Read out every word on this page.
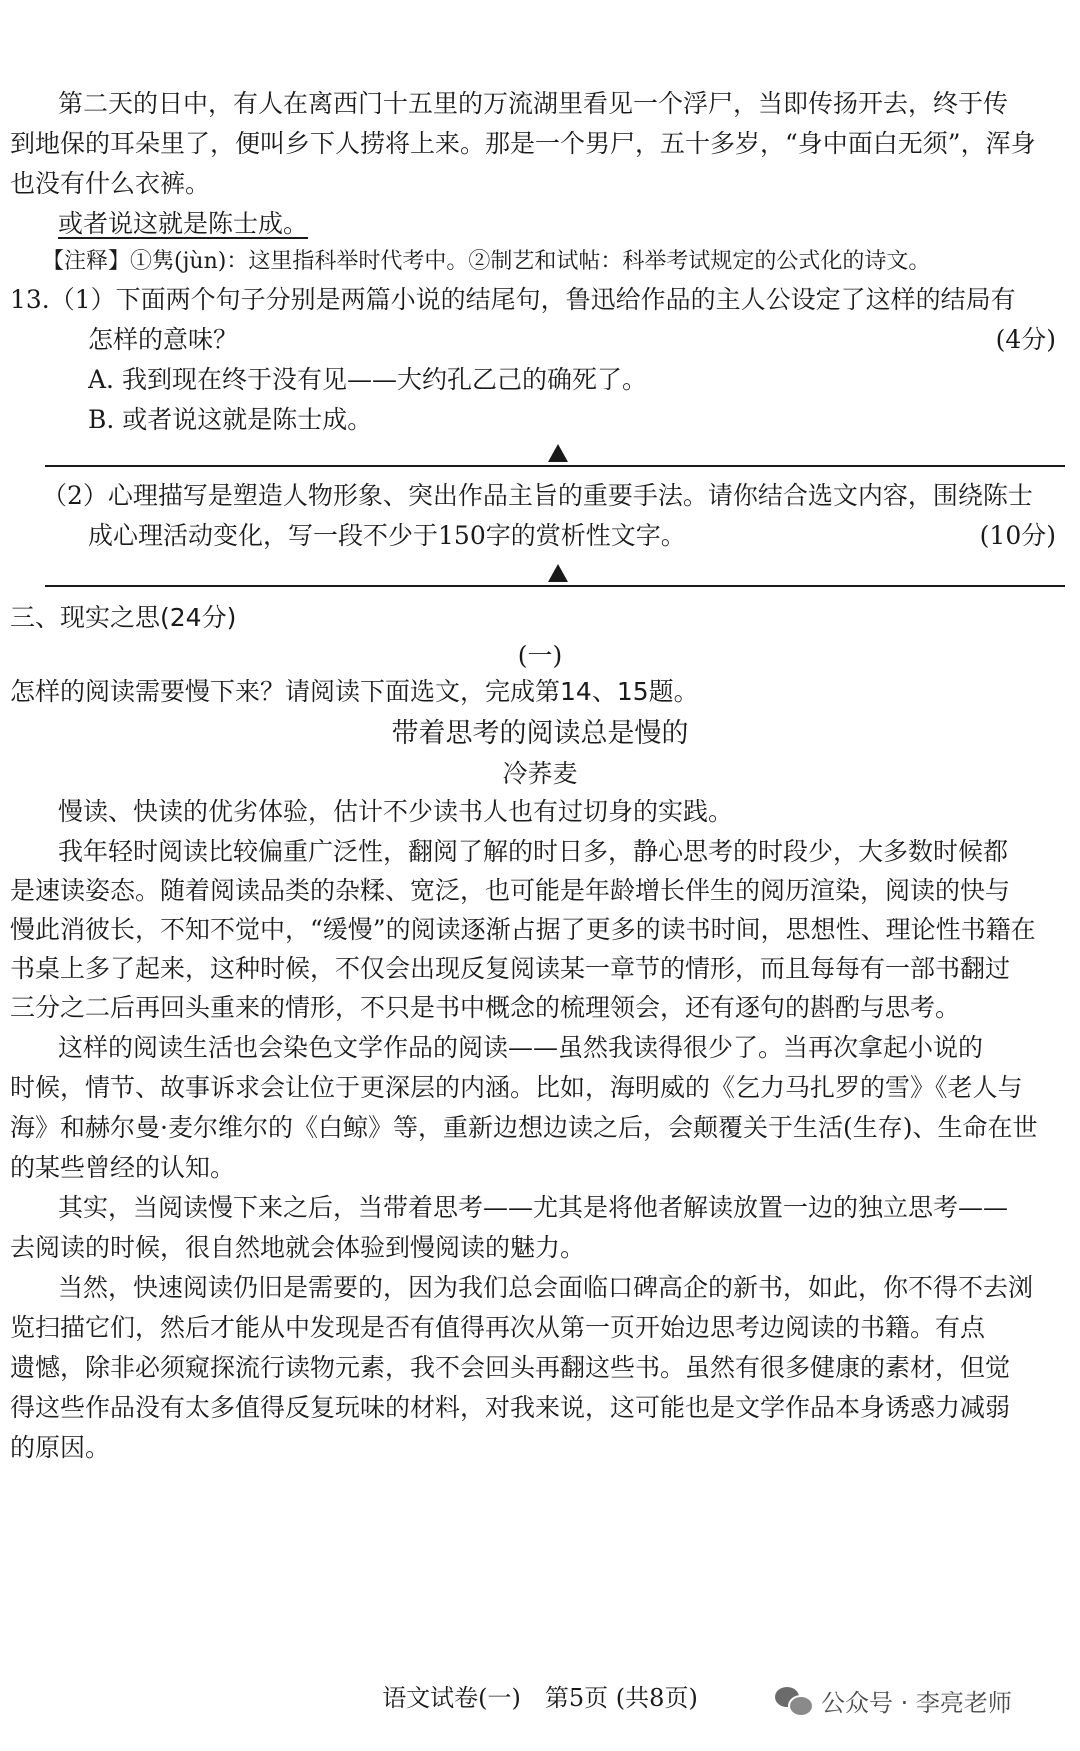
第二天的日中，有人在离西门十五里的万流湖里看见一个浮尸，当即传扬开去，终于传
到地保的耳朵里了，便叫乡下人捞将上来。那是一个男尸，五十多岁，“身中面白无须”，浑身
也没有什么衣裤。
或者说这就是陈士成。
【注释】①隽(jùn)：这里指科举时代考中。②制艺和试帖：科举考试规定的公式化的诗文。
13.（1）下面两个句子分别是两篇小说的结尾句，鲁迅给作品的主人公设定了这样的结局有
怎样的意味？	(4分)
A. 我到现在终于没有见——大约孔乙己的确死了。
B. 或者说这就是陈士成。
（2）心理描写是塑造人物形象、突出作品主旨的重要手法。请你结合选文内容，围绕陈士
成心理活动变化，写一段不少于150字的赏析性文字。	(10分)
三、现实之思(24分)
(一)
怎样的阅读需要慢下来？请阅读下面选文，完成第14、15题。
带着思考的阅读总是慢的
冷荞麦
慢读、快读的优劣体验，估计不少读书人也有过切身的实践。
我年轻时阅读比较偏重广泛性，翻阅了解的时日多，静心思考的时段少，大多数时候都
是速读姿态。随着阅读品类的杂糅、宽泛，也可能是年龄增长伴生的阅历渲染，阅读的快与
慢此消彼长，不知不觉中，“缓慢”的阅读逐渐占据了更多的读书时间，思想性、理论性书籍在
书桌上多了起来，这种时候，不仅会出现反复阅读某一章节的情形，而且每每有一部书翻过
三分之二后再回头重来的情形，不只是书中概念的梳理领会，还有逐句的斟酌与思考。
这样的阅读生活也会染色文学作品的阅读——虽然我读得很少了。当再次拿起小说的
时候，情节、故事诉求会让位于更深层的内涵。比如，海明威的《乞力马扎罗的雪》《老人与
海》和赫尔曼·麦尔维尔的《白鲸》等，重新边想边读之后，会颠覆关于生活(生存)、生命在世
的某些曾经的认知。
其实，当阅读慢下来之后，当带着思考——尤其是将他者解读放置一边的独立思考——
去阅读的时候，很自然地就会体验到慢阅读的魅力。
当然，快速阅读仍旧是需要的，因为我们总会面临口碑高企的新书，如此，你不得不去浏
览扫描它们，然后才能从中发现是否有值得再次从第一页开始边思考边阅读的书籍。有点
遗憾，除非必须窥探流行读物元素，我不会回头再翻这些书。虽然有很多健康的素材，但觉
得这些作品没有太多值得反复玩味的材料，对我来说，这可能也是文学作品本身诱惑力减弱
的原因。
语文试卷(一)　第5页 (共8页)	公众号 · 李亮老师
